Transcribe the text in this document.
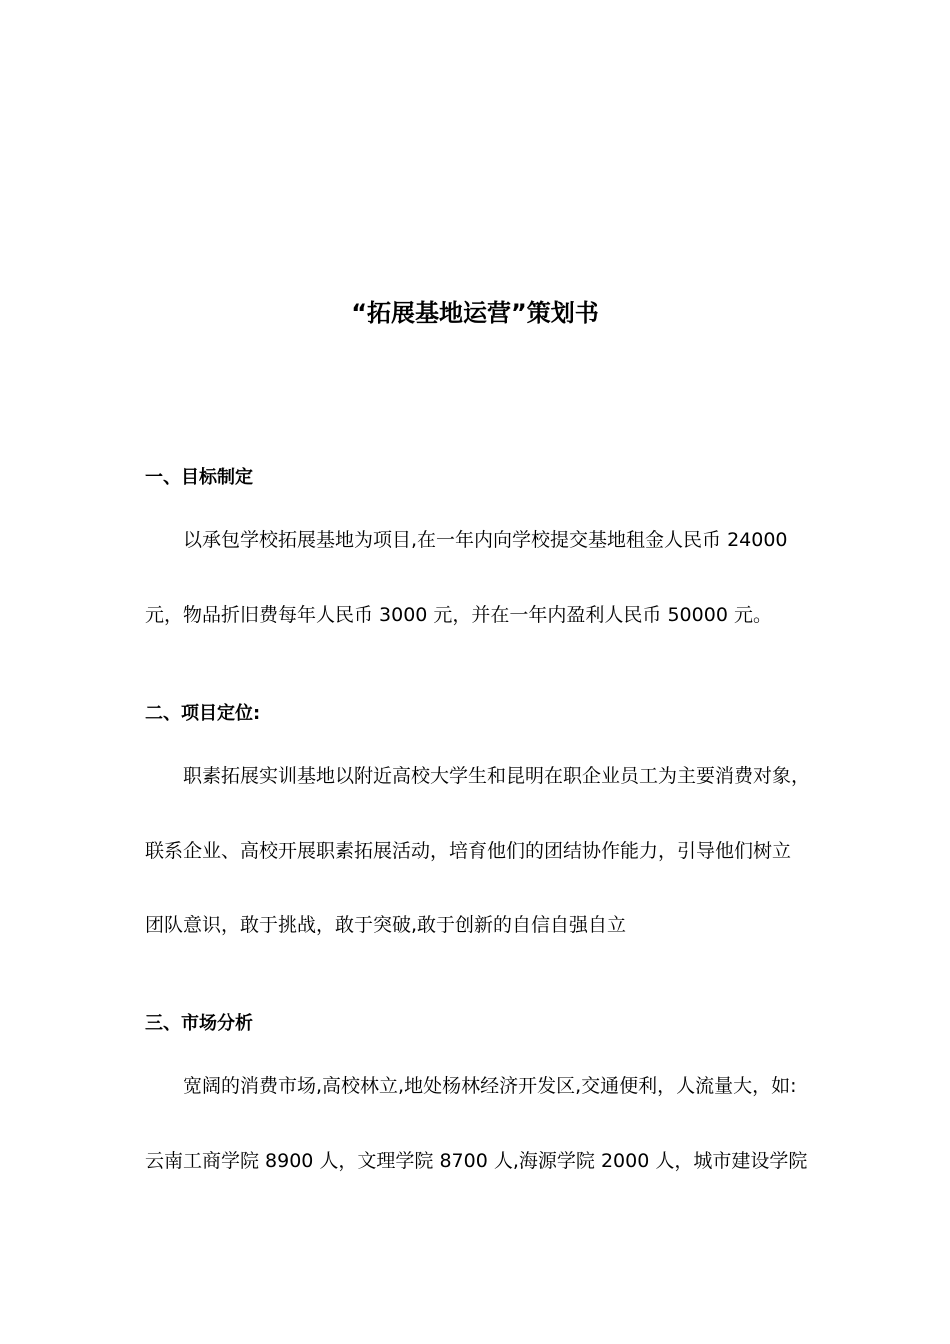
“拓展基地运营”策划书
一、目标制定
以承包学校拓展基地为项目,在一年内向学校提交基地租金人民币 24000
元，物品折旧费每年人民币 3000 元，并在一年内盈利人民币 50000 元。
二、项目定位:
职素拓展实训基地以附近高校大学生和昆明在职企业员工为主要消费对象，
联系企业、高校开展职素拓展活动，培育他们的团结协作能力，引导他们树立
团队意识，敢于挑战，敢于突破,敢于创新的自信自强自立
三、市场分析
宽阔的消费市场,高校林立,地处杨林经济开发区,交通便利，人流量大，如:
云南工商学院 8900 人，文理学院 8700 人,海源学院 2000 人，城市建设学院
